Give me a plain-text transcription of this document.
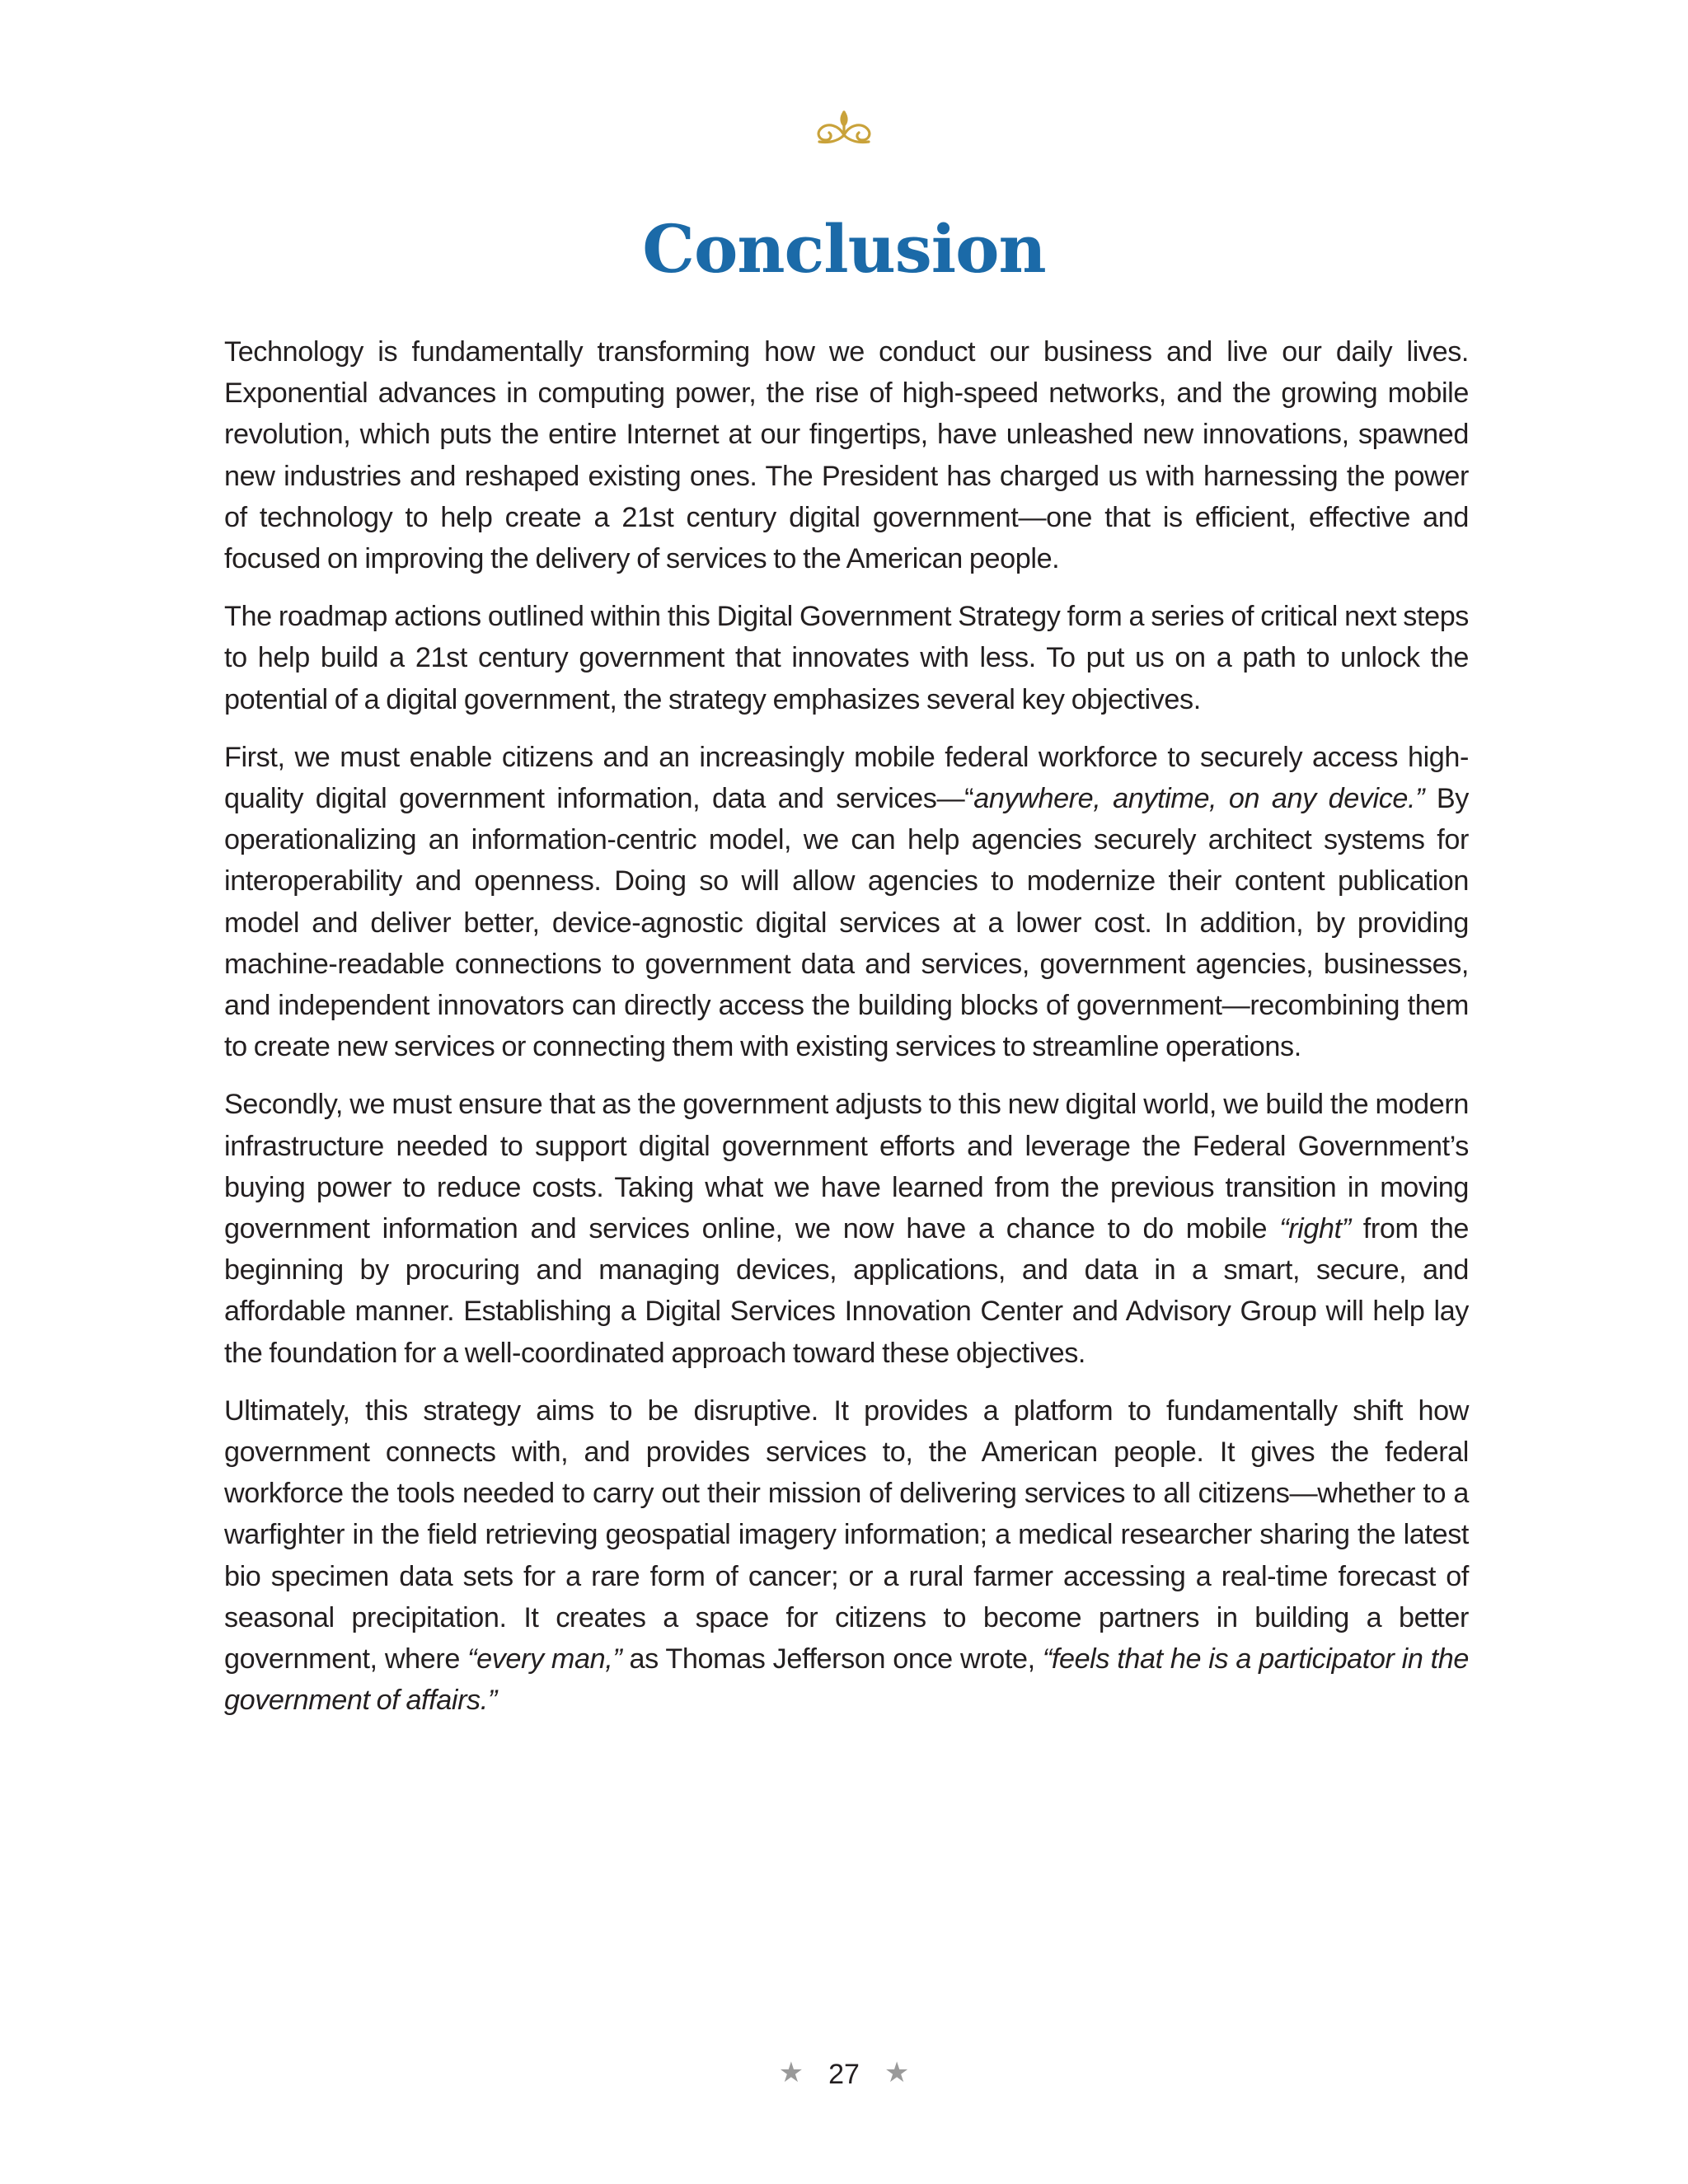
Conclusion

Technology is fundamentally transforming how we conduct our business and live our daily lives. Exponential advances in computing power, the rise of high-speed networks, and the growing mobile revolution, which puts the entire Internet at our fingertips, have unleashed new innovations, spawned new industries and reshaped existing ones. The President has charged us with harnessing the power of technology to help create a 21st century digital government—one that is efficient, effective and focused on improving the delivery of services to the American people.

The roadmap actions outlined within this Digital Government Strategy form a series of critical next steps to help build a 21st century government that innovates with less. To put us on a path to unlock the potential of a digital government, the strategy emphasizes several key objectives.

First, we must enable citizens and an increasingly mobile federal workforce to securely access high-quality digital government information, data and services—“anywhere, anytime, on any device.” By operationalizing an information-centric model, we can help agencies securely architect systems for interoperability and openness. Doing so will allow agencies to modernize their content publication model and deliver better, device-agnostic digital services at a lower cost. In addition, by providing machine-readable connections to government data and services, government agencies, businesses, and independent innovators can directly access the building blocks of government—recombining them to create new services or connecting them with existing services to streamline operations.

Secondly, we must ensure that as the government adjusts to this new digital world, we build the modern infrastructure needed to support digital government efforts and leverage the Federal Government’s buying power to reduce costs. Taking what we have learned from the previous transition in moving government information and services online, we now have a chance to do mobile “right” from the beginning by procuring and managing devices, applications, and data in a smart, secure, and affordable manner. Establishing a Digital Services Innovation Center and Advisory Group will help lay the foundation for a well-coordinated approach toward these objectives.

Ultimately, this strategy aims to be disruptive. It provides a platform to fundamentally shift how government connects with, and provides services to, the American people. It gives the federal workforce the tools needed to carry out their mission of delivering services to all citizens—whether to a warfighter in the field retrieving geospatial imagery information; a medical researcher sharing the latest bio specimen data sets for a rare form of cancer; or a rural farmer accessing a real-time forecast of seasonal precipitation. It creates a space for citizens to become partners in building a better government, where “every man,” as Thomas Jefferson once wrote, “feels that he is a participator in the government of affairs.”

★ 27 ★
